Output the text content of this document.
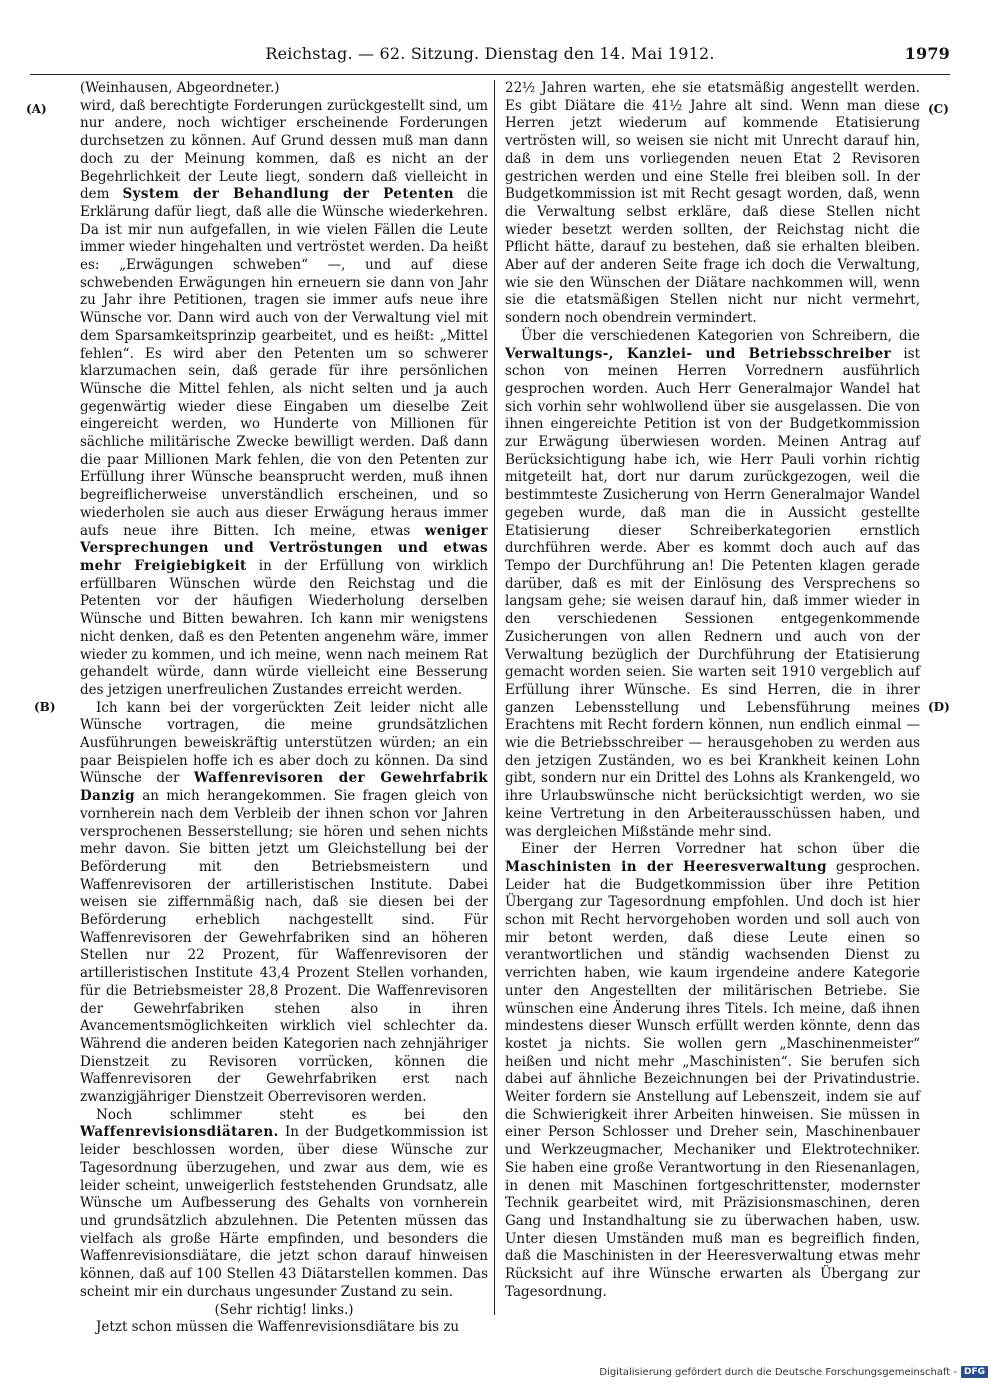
Reichstag. — 62. Sitzung. Dienstag den 14. Mai 1912.	1979
(A)
(B)
(C)
(D)

(Weinhausen, Abgeordneter.)

wird, daß berechtigte Forderungen zurückgestellt sind, um nur andere, noch wichtiger erscheinende Forderungen durchsetzen zu können. Auf Grund dessen muß man dann doch zu der Meinung kommen, daß es nicht an der Begehrlichkeit der Leute liegt, sondern daß vielleicht in dem System der Behandlung der Petenten die Erklärung dafür liegt, daß alle die Wünsche wiederkehren. Da ist mir nun aufgefallen, in wie vielen Fällen die Leute immer wieder hingehalten und vertröstet werden. Da heißt es: „Erwägungen schweben“ —, und auf diese schwebenden Erwägungen hin erneuern sie dann von Jahr zu Jahr ihre Petitionen, tragen sie immer aufs neue ihre Wünsche vor. Dann wird auch von der Verwaltung viel mit dem Sparsamkeitsprinzip gearbeitet, und es heißt: „Mittel fehlen“. Es wird aber den Petenten um so schwerer klarzumachen sein, daß gerade für ihre persönlichen Wünsche die Mittel fehlen, als nicht selten und ja auch gegenwärtig wieder diese Eingaben um dieselbe Zeit eingereicht werden, wo Hunderte von Millionen für sächliche militärische Zwecke bewilligt werden. Daß dann die paar Millionen Mark fehlen, die von den Petenten zur Erfüllung ihrer Wünsche beansprucht werden, muß ihnen begreiflicherweise unverständlich erscheinen, und so wiederholen sie auch aus dieser Erwägung heraus immer aufs neue ihre Bitten. Ich meine, etwas weniger Versprechungen und Vertröstungen und etwas mehr Freigiebigkeit in der Erfüllung von wirklich erfüllbaren Wünschen würde den Reichstag und die Petenten vor der häufigen Wiederholung derselben Wünsche und Bitten bewahren. Ich kann mir wenigstens nicht denken, daß es den Petenten angenehm wäre, immer wieder zu kommen, und ich meine, wenn nach meinem Rat gehandelt würde, dann würde vielleicht eine Besserung des jetzigen unerfreulichen Zustandes erreicht werden.

Ich kann bei der vorgerückten Zeit leider nicht alle Wünsche vortragen, die meine grundsätzlichen Ausführungen beweiskräftig unterstützen würden; an ein paar Beispielen hoffe ich es aber doch zu können. Da sind Wünsche der Waffenrevisoren der Gewehrfabrik Danzig an mich herangekommen. Sie fragen gleich von vornherein nach dem Verbleib der ihnen schon vor Jahren versprochenen Besserstellung; sie hören und sehen nichts mehr davon. Sie bitten jetzt um Gleichstellung bei der Beförderung mit den Betriebsmeistern und Waffenrevisoren der artilleristischen Institute. Dabei weisen sie ziffernmäßig nach, daß sie diesen bei der Beförderung erheblich nachgestellt sind. Für Waffenrevisoren der Gewehrfabriken sind an höheren Stellen nur 22 Prozent, für Waffenrevisoren der artilleristischen Institute 43,4 Prozent Stellen vorhanden, für die Betriebsmeister 28,8 Prozent. Die Waffenrevisoren der Gewehrfabriken stehen also in ihren Avancementsmöglichkeiten wirklich viel schlechter da. Während die anderen beiden Kategorien nach zehnjähriger Dienstzeit zu Revisoren vorrücken, können die Waffenrevisoren der Gewehrfabriken erst nach zwanzigjähriger Dienstzeit Oberrevisoren werden.

Noch schlimmer steht es bei den Waffenrevisionsdiätaren. In der Budgetkommission ist leider beschlossen worden, über diese Wünsche zur Tagesordnung überzugehen, und zwar aus dem, wie es leider scheint, unweigerlich feststehenden Grundsatz, alle Wünsche um Aufbesserung des Gehalts von vornherein und grundsätzlich abzulehnen. Die Petenten müssen das vielfach als große Härte empfinden, und besonders die Waffenrevisionsdiätare, die jetzt schon darauf hinweisen können, daß auf 100 Stellen 43 Diätarstellen kommen. Das scheint mir ein durchaus ungesunder Zustand zu sein.

(Sehr richtig! links.)

Jetzt schon müssen die Waffenrevisionsdiätare bis zu

22½ Jahren warten, ehe sie etatsmäßig angestellt werden. Es gibt Diätare die 41½ Jahre alt sind. Wenn man diese Herren jetzt wiederum auf kommende Etatisierung vertrösten will, so weisen sie nicht mit Unrecht darauf hin, daß in dem uns vorliegenden neuen Etat 2 Revisoren gestrichen werden und eine Stelle frei bleiben soll. In der Budgetkommission ist mit Recht gesagt worden, daß, wenn die Verwaltung selbst erkläre, daß diese Stellen nicht wieder besetzt werden sollten, der Reichstag nicht die Pflicht hätte, darauf zu bestehen, daß sie erhalten bleiben. Aber auf der anderen Seite frage ich doch die Verwaltung, wie sie den Wünschen der Diätare nachkommen will, wenn sie die etatsmäßigen Stellen nicht nur nicht vermehrt, sondern noch obendrein vermindert.

Über die verschiedenen Kategorien von Schreibern, die Verwaltungs-, Kanzlei- und Betriebsschreiber ist schon von meinen Herren Vorrednern ausführlich gesprochen worden. Auch Herr Generalmajor Wandel hat sich vorhin sehr wohlwollend über sie ausgelassen. Die von ihnen eingereichte Petition ist von der Budgetkommission zur Erwägung überwiesen worden. Meinen Antrag auf Berücksichtigung habe ich, wie Herr Pauli vorhin richtig mitgeteilt hat, dort nur darum zurückgezogen, weil die bestimmteste Zusicherung von Herrn Generalmajor Wandel gegeben wurde, daß man die in Aussicht gestellte Etatisierung dieser Schreiberkategorien ernstlich durchführen werde. Aber es kommt doch auch auf das Tempo der Durchführung an! Die Petenten klagen gerade darüber, daß es mit der Einlösung des Versprechens so langsam gehe; sie weisen darauf hin, daß immer wieder in den verschiedenen Sessionen entgegenkommende Zusicherungen von allen Rednern und auch von der Verwaltung bezüglich der Durchführung der Etatisierung gemacht worden seien. Sie warten seit 1910 vergeblich auf Erfüllung ihrer Wünsche. Es sind Herren, die in ihrer ganzen Lebensstellung und Lebensführung meines Erachtens mit Recht fordern können, nun endlich einmal — wie die Betriebsschreiber — herausgehoben zu werden aus den jetzigen Zuständen, wo es bei Krankheit keinen Lohn gibt, sondern nur ein Drittel des Lohns als Krankengeld, wo ihre Urlaubswünsche nicht berücksichtigt werden, wo sie keine Vertretung in den Arbeiterausschüssen haben, und was dergleichen Mißstände mehr sind.

Einer der Herren Vorredner hat schon über die Maschinisten in der Heeresverwaltung gesprochen. Leider hat die Budgetkommission über ihre Petition Übergang zur Tagesordnung empfohlen. Und doch ist hier schon mit Recht hervorgehoben worden und soll auch von mir betont werden, daß diese Leute einen so verantwortlichen und ständig wachsenden Dienst zu verrichten haben, wie kaum irgendeine andere Kategorie unter den Angestellten der militärischen Betriebe. Sie wünschen eine Änderung ihres Titels. Ich meine, daß ihnen mindestens dieser Wunsch erfüllt werden könnte, denn das kostet ja nichts. Sie wollen gern „Maschinenmeister“ heißen und nicht mehr „Maschinisten“. Sie berufen sich dabei auf ähnliche Bezeichnungen bei der Privatindustrie. Weiter fordern sie Anstellung auf Lebenszeit, indem sie auf die Schwierigkeit ihrer Arbeiten hinweisen. Sie müssen in einer Person Schlosser und Dreher sein, Maschinenbauer und Werkzeugmacher, Mechaniker und Elektrotechniker. Sie haben eine große Verantwortung in den Riesenanlagen, in denen mit Maschinen fortgeschrittenster, modernster Technik gearbeitet wird, mit Präzisionsmaschinen, deren Gang und Instandhaltung sie zu überwachen haben, usw. Unter diesen Umständen muß man es begreiflich finden, daß die Maschinisten in der Heeresverwaltung etwas mehr Rücksicht auf ihre Wünsche erwarten als Übergang zur Tagesordnung.

Digitalisierung gefördert durch die Deutsche Forschungsgemeinschaft - DFG
